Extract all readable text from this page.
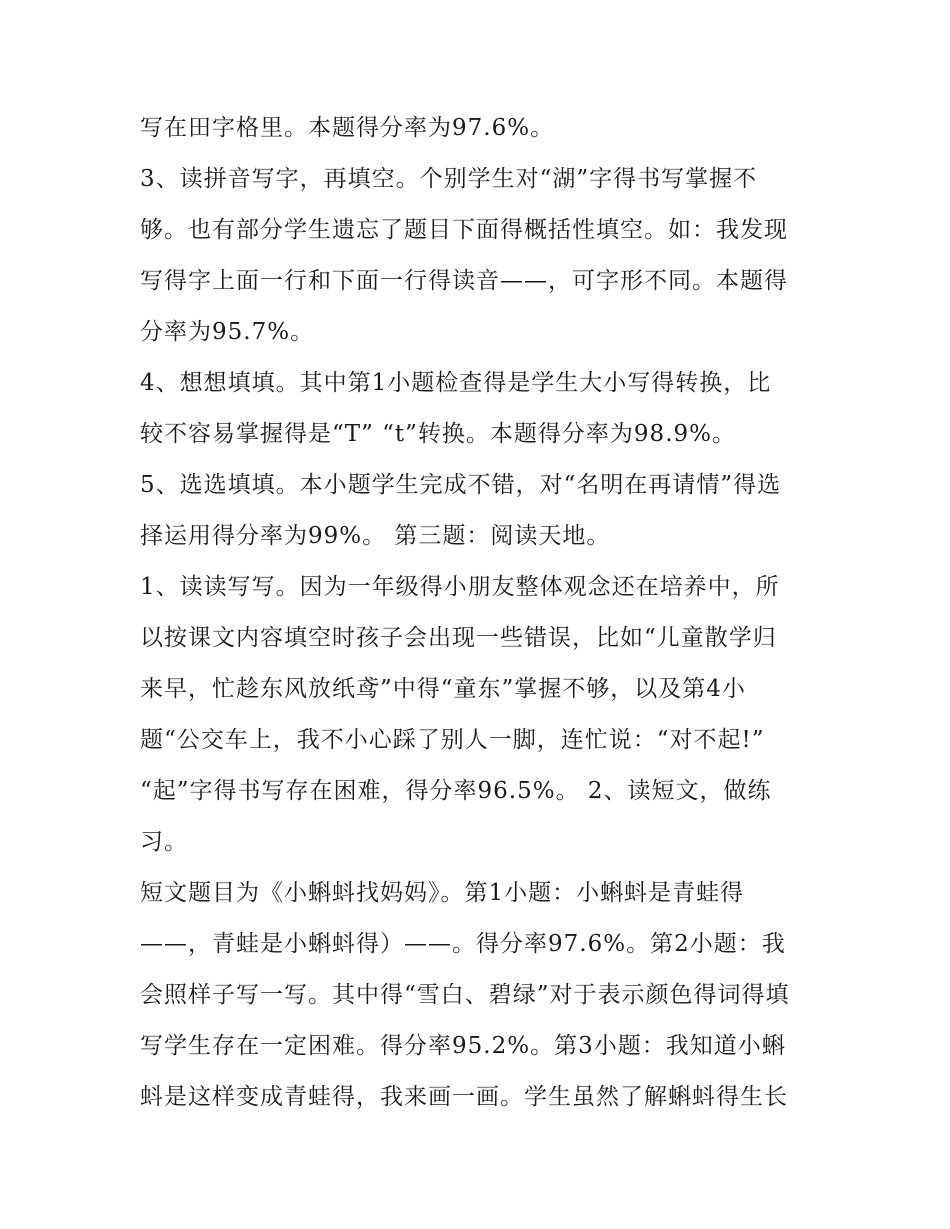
写在田字格里。本题得分率为97.6%。
3、读拼音写字，再填空。个别学生对“湖”字得书写掌握不
够。也有部分学生遗忘了题目下面得概括性填空。如：我发现
写得字上面一行和下面一行得读音——，可字形不同。本题得
分率为95.7%。
4、想想填填。其中第1小题检查得是学生大小写得转换，比
较不容易掌握得是“T” “t”转换。本题得分率为98.9%。
5、选选填填。本小题学生完成不错，对“名明在再请情”得选
择运用得分率为99%。 第三题：阅读天地。
1、读读写写。因为一年级得小朋友整体观念还在培养中，所
以按课文内容填空时孩子会出现一些错误，比如“儿童散学归
来早，忙趁东风放纸鸢”中得“童东”掌握不够，以及第4小
题“公交车上，我不小心踩了别人一脚，连忙说：“对不起!”
“起”字得书写存在困难，得分率96.5%。 2、读短文，做练
习。
短文题目为《小蝌蚪找妈妈》。第1小题：小蝌蚪是青蛙得
——，青蛙是小蝌蚪得）——。得分率97.6%。第2小题：我
会照样子写一写。其中得“雪白、碧绿”对于表示颜色得词得填
写学生存在一定困难。得分率95.2%。第3小题：我知道小蝌
蚪是这样变成青蛙得，我来画一画。学生虽然了解蝌蚪得生长
